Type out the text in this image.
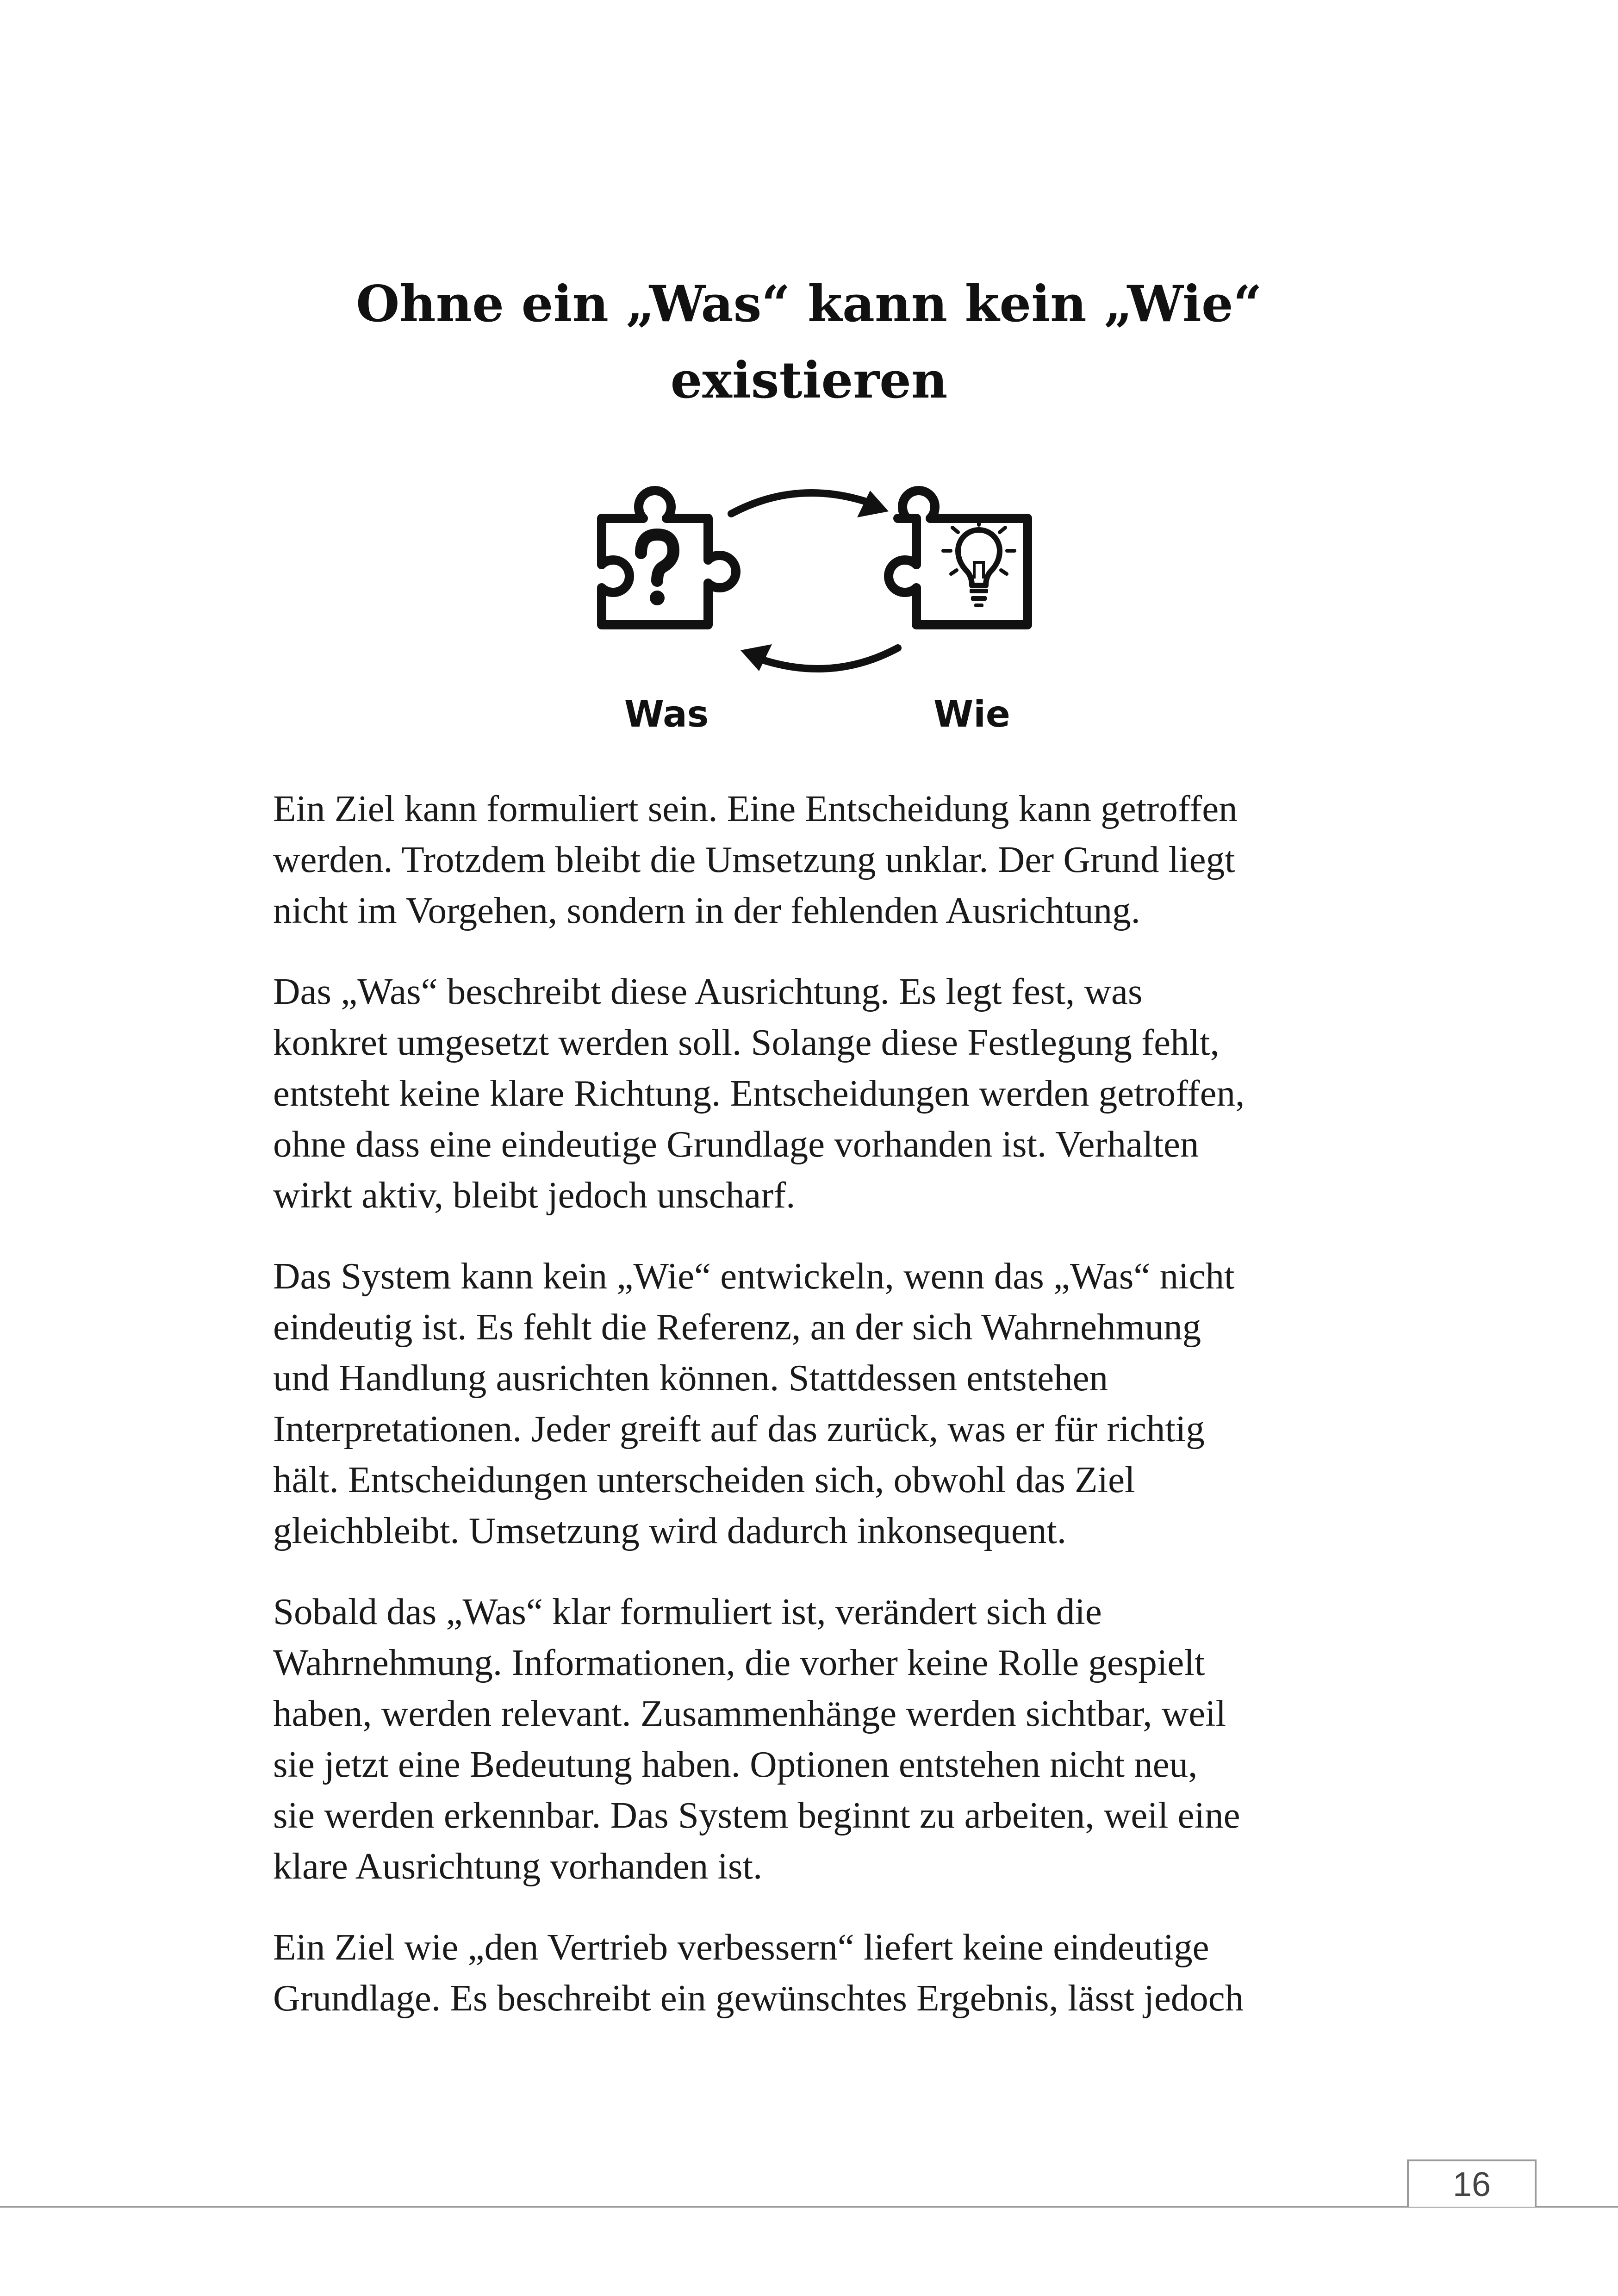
Ohne ein „Was“ kann kein „Wie“
existieren
Was	Wie

Ein Ziel kann formuliert sein. Eine Entscheidung kann getroffen
werden. Trotzdem bleibt die Umsetzung unklar. Der Grund liegt
nicht im Vorgehen, sondern in der fehlenden Ausrichtung.

Das „Was“ beschreibt diese Ausrichtung. Es legt fest, was
konkret umgesetzt werden soll. Solange diese Festlegung fehlt,
entsteht keine klare Richtung. Entscheidungen werden getroffen,
ohne dass eine eindeutige Grundlage vorhanden ist. Verhalten
wirkt aktiv, bleibt jedoch unscharf.

Das System kann kein „Wie“ entwickeln, wenn das „Was“ nicht
eindeutig ist. Es fehlt die Referenz, an der sich Wahrnehmung
und Handlung ausrichten können. Stattdessen entstehen
Interpretationen. Jeder greift auf das zurück, was er für richtig
hält. Entscheidungen unterscheiden sich, obwohl das Ziel
gleichbleibt. Umsetzung wird dadurch inkonsequent.

Sobald das „Was“ klar formuliert ist, verändert sich die
Wahrnehmung. Informationen, die vorher keine Rolle gespielt
haben, werden relevant. Zusammenhänge werden sichtbar, weil
sie jetzt eine Bedeutung haben. Optionen entstehen nicht neu,
sie werden erkennbar. Das System beginnt zu arbeiten, weil eine
klare Ausrichtung vorhanden ist.

Ein Ziel wie „den Vertrieb verbessern“ liefert keine eindeutige
Grundlage. Es beschreibt ein gewünschtes Ergebnis, lässt jedoch

16
